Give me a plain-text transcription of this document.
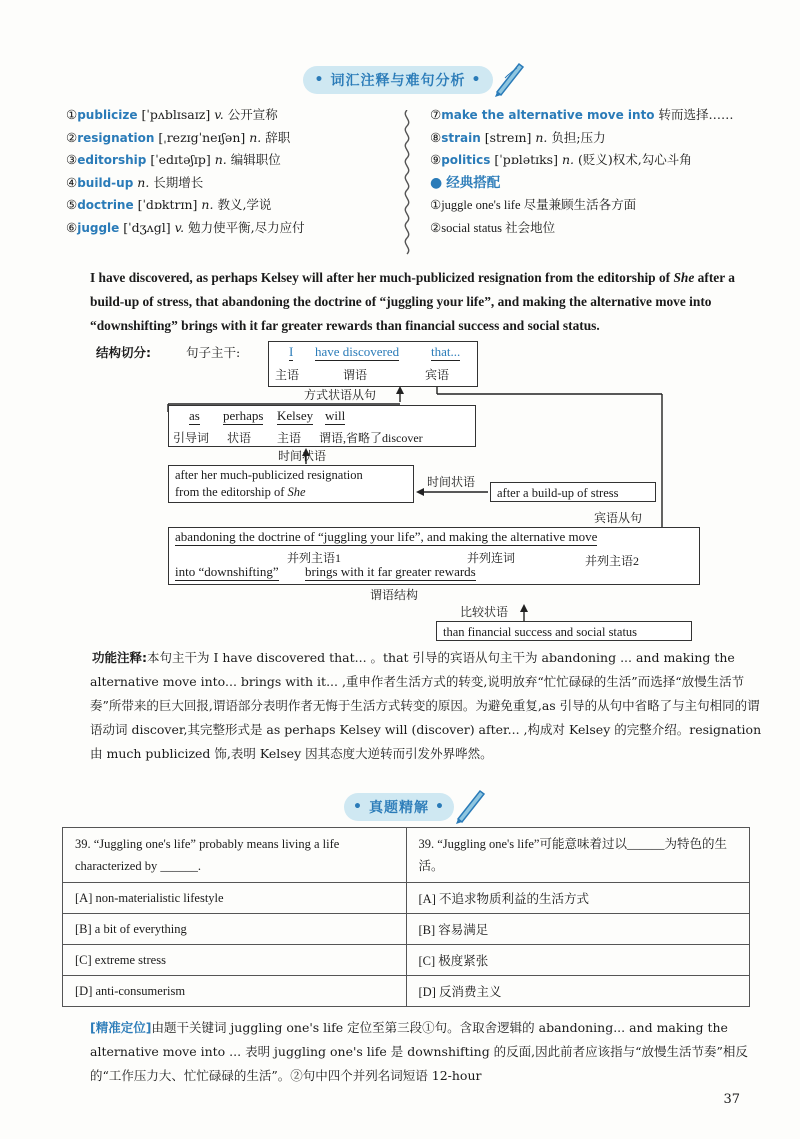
• 词汇注释与难句分析 •
①publicize [ˈpʌblɪsaɪz] v. 公开宣称
②resignation [ˌrezɪgˈneɪʃən] n. 辞职
③editorship [ˈedɪtəʃɪp] n. 编辑职位
④build-up n. 长期增长
⑤doctrine [ˈdɒktrɪn] n. 教义,学说
⑥juggle [ˈdʒʌgl] v. 勉力使平衡,尽力应付
⑦make the alternative move into 转而选择……
⑧strain [streɪn] n. 负担;压力
⑨politics [ˈpɒlətɪks] n. (贬义)权术,勾心斗角
● 经典搭配
①juggle one's life 尽量兼顾生活各方面
②social status 社会地位
I have discovered, as perhaps Kelsey will after her much-publicized resignation from the editorship of She after a build-up of stress, that abandoning the doctrine of “juggling your life”, and making the alternative move into “downshifting” brings with it far greater rewards than financial success and social status.
结构切分:	句子主干:	I have discovered that...
主语	谓语	宾语
方式状语从句
as perhaps Kelsey will
引导词 状语 主语 谓语,省略了discover
时间状语
after her much-publicized resignation
from the editorship of She
时间状语
after a build-up of stress
宾语从句
abandoning the doctrine of “juggling your life”, and making the alternative move
并列主语1	并列连词	并列主语2
into “downshifting” brings with it far greater rewards
谓语结构
比较状语
than financial success and social status
功能注释:本句主干为 I have discovered that... 。that 引导的宾语从句主干为 abandoning ... and making the alternative move into... brings with it... ,重申作者生活方式的转变,说明放弃“忙忙碌碌的生活”而选择“放慢生活节奏”所带来的巨大回报,谓语部分表明作者无悔于生活方式转变的原因。为避免重复,as 引导的从句中省略了与主句相同的谓语动词 discover,其完整形式是 as perhaps Kelsey will (discover) after... ,构成对 Kelsey 的完整介绍。resignation 由 much publicized 饰,表明 Kelsey 因其态度大逆转而引发外界哗然。
• 真题精解 •
39. “Juggling one's life” probably means living a life characterized by ______.	39. “Juggling one's life”可能意味着过以______为特色的生活。
[A] non-materialistic lifestyle	[A] 不追求物质利益的生活方式
[B] a bit of everything	[B] 容易满足
[C] extreme stress	[C] 极度紧张
[D] anti-consumerism	[D] 反消费主义
[精准定位]由题干关键词 juggling one's life 定位至第三段①句。含取舍逻辑的 abandoning... and making the alternative move into ... 表明 juggling one's life 是 downshifting 的反面,因此前者应该指与“放慢生活节奏”相反的“工作压力大、忙忙碌碌的生活”。②句中四个并列名词短语 12-hour
37
